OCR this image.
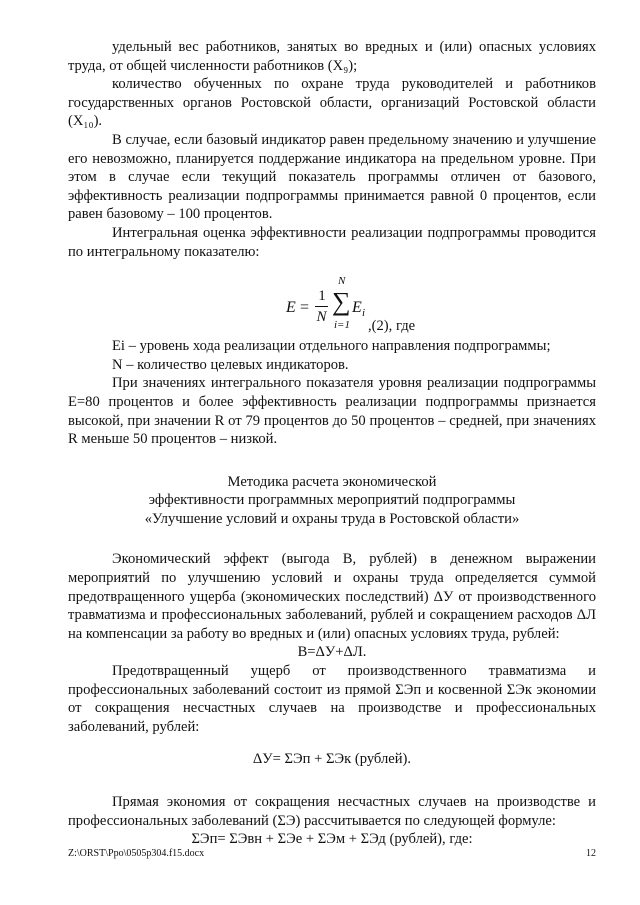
удельный вес работников, занятых во вредных и (или) опасных условиях труда, от общей численности работников (X₉);

количество обученных по охране труда руководителей и работников государственных органов Ростовской области, организаций Ростовской области (X₁₀).

В случае, если базовый индикатор равен предельному значению и улучшение его невозможно, планируется поддержание индикатора на предельном уровне. При этом в случае если текущий показатель программы отличен от базового, эффективность реализации подпрограммы принимается равной 0 процентов, если равен базовому – 100 процентов.

Интегральная оценка эффективности реализации подпрограммы проводится по интегральному показателю:

E =
1
N
N
∑
i=1
E i
,(2), где

Ei – уровень хода реализации отдельного направления подпрограммы;

N – количество целевых индикаторов.

При значениях интегрального показателя уровня реализации подпрограммы E=80 процентов и более эффективность реализации подпрограммы признается высокой, при значении R от 79 процентов до 50 процентов – средней, при значениях R меньше 50 процентов – низкой.

Методика расчета экономической

эффективности программных мероприятий подпрограммы

«Улучшение условий и охраны труда в Ростовской области»

Экономический эффект (выгода В, рублей) в денежном выражении мероприятий по улучшению условий и охраны труда определяется суммой предотвращенного ущерба (экономических последствий) ΔУ от производственного травматизма и профессиональных заболеваний, рублей и сокращением расходов ΔЛ на компенсации за работу во вредных и (или) опасных условиях труда, рублей:

В=ΔУ+ΔЛ.

Предотвращенный ущерб от производственного травматизма и профессиональных заболеваний состоит из прямой ΣЭп и косвенной ΣЭк экономии от сокращения несчастных случаев на производстве и профессиональных заболеваний, рублей:

ΔУ= ΣЭп + ΣЭк (рублей).

Прямая экономия от сокращения несчастных случаев на производстве и профессиональных заболеваний (ΣЭ) рассчитывается по следующей формуле:

ΣЭп= ΣЭвн + ΣЭе + ΣЭм + ΣЭд (рублей), где:

Z:\ORST\Ppo\0505p304.f15.docx	12
